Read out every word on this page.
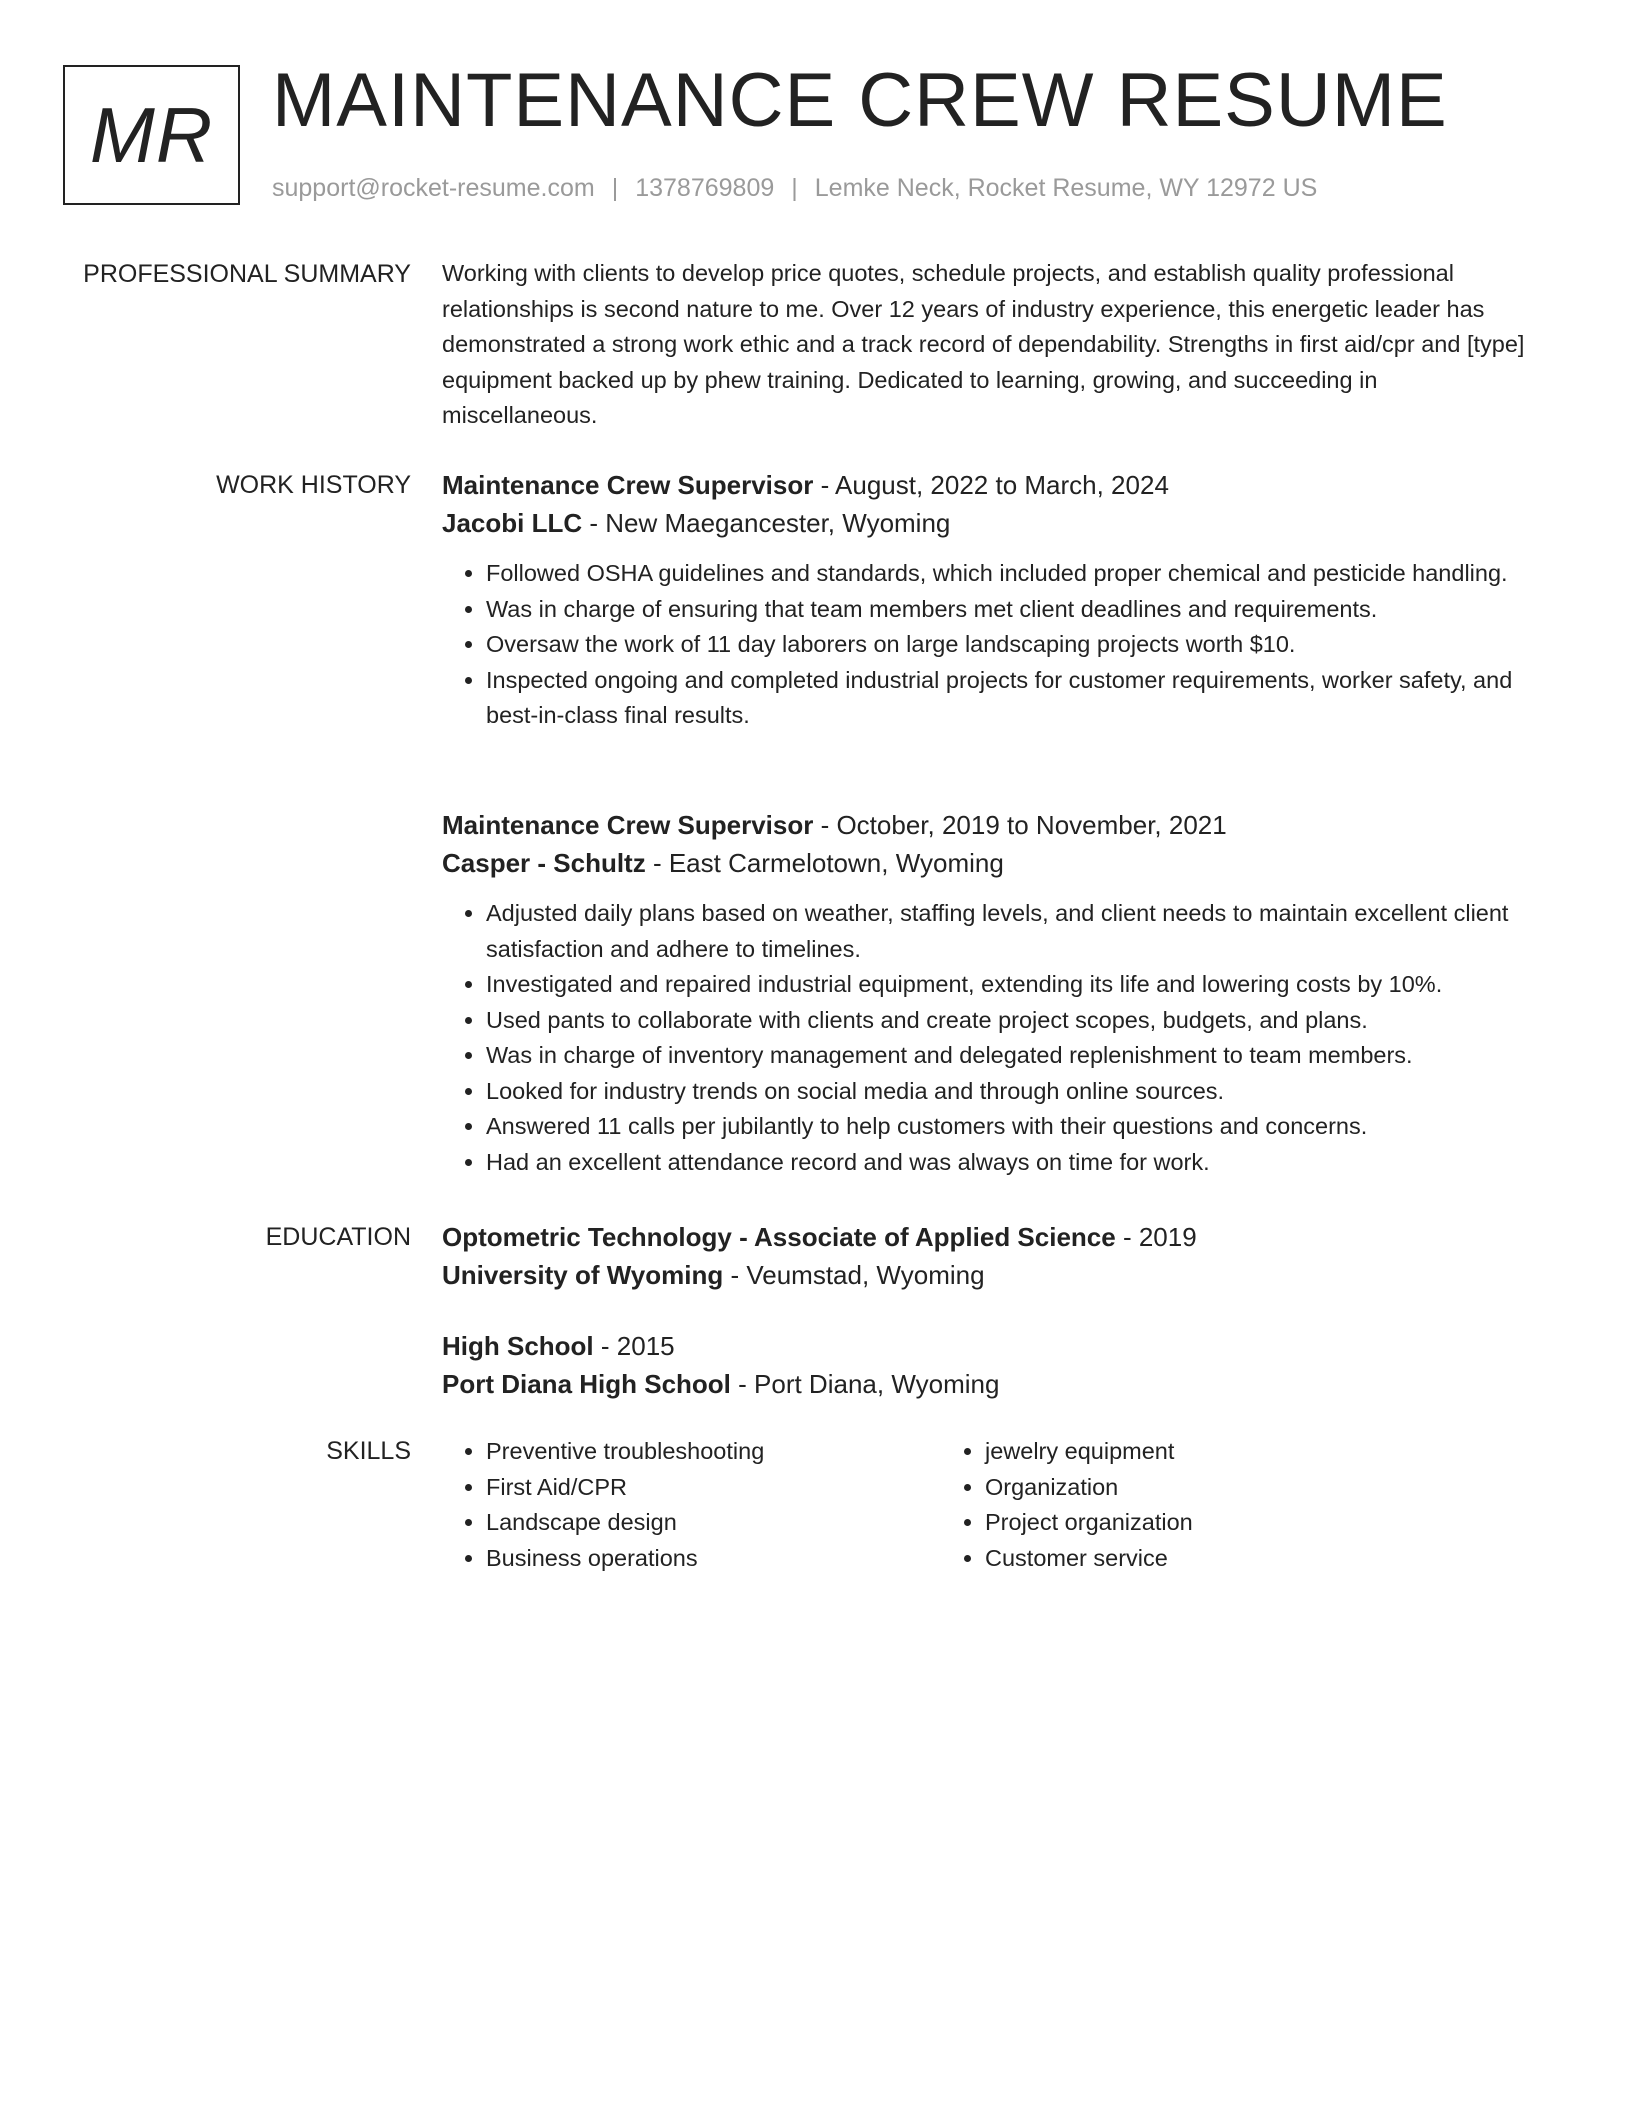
MR MAINTENANCE CREW RESUME
support@rocket-resume.com | 1378769809 | Lemke Neck, Rocket Resume, WY 12972 US
PROFESSIONAL SUMMARY Working with clients to develop price quotes, schedule projects, and establish quality professional relationships is second nature to me. Over 12 years of industry experience, this energetic leader has demonstrated a strong work ethic and a track record of dependability. Strengths in first aid/cpr and [type] equipment backed up by phew training. Dedicated to learning, growing, and succeeding in miscellaneous.
WORK HISTORY Maintenance Crew Supervisor - August, 2022 to March, 2024
Jacobi LLC - New Maegancester, Wyoming
• Followed OSHA guidelines and standards, which included proper chemical and pesticide handling.
• Was in charge of ensuring that team members met client deadlines and requirements.
• Oversaw the work of 11 day laborers on large landscaping projects worth $10.
• Inspected ongoing and completed industrial projects for customer requirements, worker safety, and best-in-class final results.
Maintenance Crew Supervisor - October, 2019 to November, 2021
Casper - Schultz - East Carmelotown, Wyoming
• Adjusted daily plans based on weather, staffing levels, and client needs to maintain excellent client satisfaction and adhere to timelines.
• Investigated and repaired industrial equipment, extending its life and lowering costs by 10%.
• Used pants to collaborate with clients and create project scopes, budgets, and plans.
• Was in charge of inventory management and delegated replenishment to team members.
• Looked for industry trends on social media and through online sources.
• Answered 11 calls per jubilantly to help customers with their questions and concerns.
• Had an excellent attendance record and was always on time for work.
EDUCATION Optometric Technology - Associate of Applied Science - 2019
University of Wyoming - Veumstad, Wyoming
High School - 2015
Port Diana High School - Port Diana, Wyoming
SKILLS
•	Preventive troubleshooting
• First Aid/CPR
• Landscape design
• Business operations
• jewelry equipment
• Organization
• Project organization
• Customer service
